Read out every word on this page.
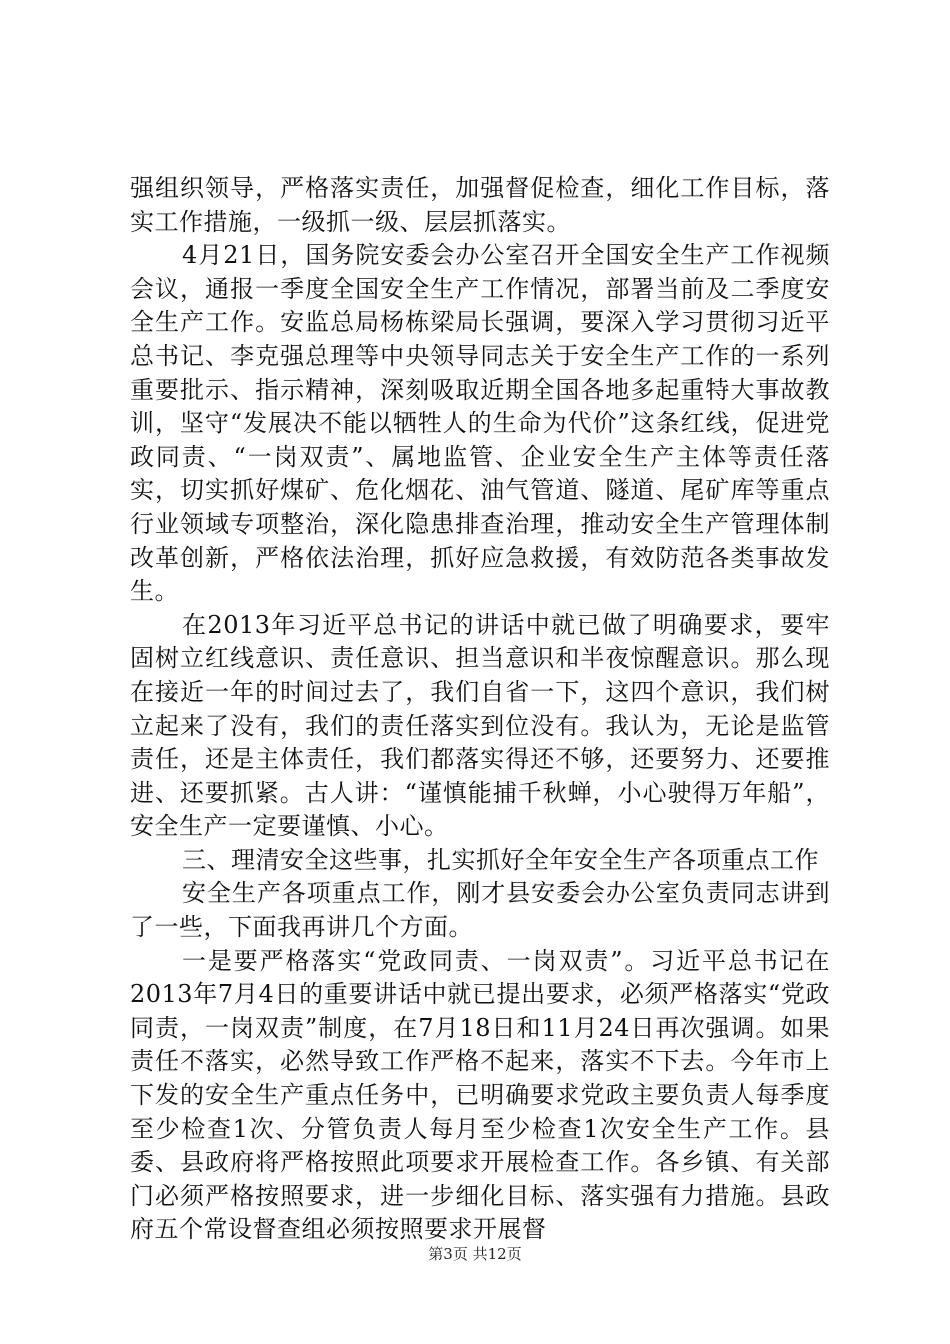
强组织领导，严格落实责任，加强督促检查，细化工作目标，落实工作措施，一级抓一级、层层抓落实。

4月21日，国务院安委会办公室召开全国安全生产工作视频会议，通报一季度全国安全生产工作情况，部署当前及二季度安全生产工作。安监总局杨栋梁局长强调，要深入学习贯彻习近平总书记、李克强总理等中央领导同志关于安全生产工作的一系列重要批示、指示精神，深刻吸取近期全国各地多起重特大事故教训，坚守“发展决不能以牺牲人的生命为代价”这条红线，促进党政同责、“一岗双责”、属地监管、企业安全生产主体等责任落实，切实抓好煤矿、危化烟花、油气管道、隧道、尾矿库等重点行业领域专项整治，深化隐患排查治理，推动安全生产管理体制改革创新，严格依法治理，抓好应急救援，有效防范各类事故发生。

在2013年习近平总书记的讲话中就已做了明确要求，要牢固树立红线意识、责任意识、担当意识和半夜惊醒意识。那么现在接近一年的时间过去了，我们自省一下，这四个意识，我们树立起来了没有，我们的责任落实到位没有。我认为，无论是监管责任，还是主体责任，我们都落实得还不够，还要努力、还要推进、还要抓紧。古人讲：“谨慎能捕千秋蝉，小心驶得万年船”，安全生产一定要谨慎、小心。

三、理清安全这些事，扎实抓好全年安全生产各项重点工作

安全生产各项重点工作，刚才县安委会办公室负责同志讲到了一些，下面我再讲几个方面。

一是要严格落实“党政同责、一岗双责”。习近平总书记在2013年7月4日的重要讲话中就已提出要求，必须严格落实“党政同责，一岗双责”制度，在7月18日和11月24日再次强调。如果责任不落实，必然导致工作严格不起来，落实不下去。今年市上下发的安全生产重点任务中，已明确要求党政主要负责人每季度至少检查1次、分管负责人每月至少检查1次安全生产工作。县委、县政府将严格按照此项要求开展检查工作。各乡镇、有关部门必须严格按照要求，进一步细化目标、落实强有力措施。县政府五个常设督查组必须按照要求开展督

第3页 共12页
